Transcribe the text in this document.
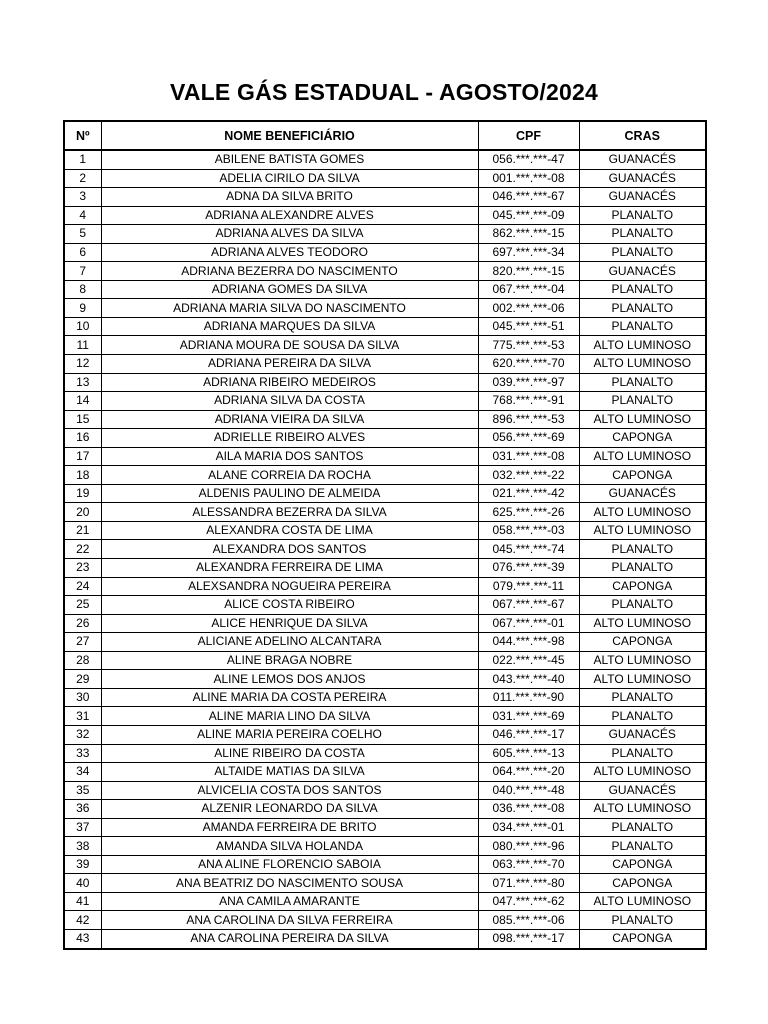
VALE GÁS ESTADUAL - AGOSTO/2024
Nº	NOME BENEFICIÁRIO	CPF	CRAS
1	ABILENE BATISTA GOMES	056.***.***-47	GUANACÉS
2	ADELIA CIRILO DA SILVA	001.***.***-08	GUANACÉS
3	ADNA DA SILVA BRITO	046.***.***-67	GUANACÉS
4	ADRIANA ALEXANDRE ALVES	045.***.***-09	PLANALTO
5	ADRIANA ALVES DA SILVA	862.***.***-15	PLANALTO
6	ADRIANA ALVES TEODORO	697.***.***-34	PLANALTO
7	ADRIANA BEZERRA DO NASCIMENTO	820.***.***-15	GUANACÉS
8	ADRIANA GOMES DA SILVA	067.***.***-04	PLANALTO
9	ADRIANA MARIA SILVA DO NASCIMENTO	002.***.***-06	PLANALTO
10	ADRIANA MARQUES DA SILVA	045.***.***-51	PLANALTO
11	ADRIANA MOURA DE SOUSA DA SILVA	775.***.***-53	ALTO LUMINOSO
12	ADRIANA PEREIRA DA SILVA	620.***.***-70	ALTO LUMINOSO
13	ADRIANA RIBEIRO MEDEIROS	039.***.***-97	PLANALTO
14	ADRIANA SILVA DA COSTA	768.***.***-91	PLANALTO
15	ADRIANA VIEIRA DA SILVA	896.***.***-53	ALTO LUMINOSO
16	ADRIELLE RIBEIRO ALVES	056.***.***-69	CAPONGA
17	AILA MARIA DOS SANTOS	031.***.***-08	ALTO LUMINOSO
18	ALANE CORREIA DA ROCHA	032.***.***-22	CAPONGA
19	ALDENIS PAULINO DE ALMEIDA	021.***.***-42	GUANACÉS
20	ALESSANDRA BEZERRA DA SILVA	625.***.***-26	ALTO LUMINOSO
21	ALEXANDRA COSTA DE LIMA	058.***.***-03	ALTO LUMINOSO
22	ALEXANDRA DOS SANTOS	045.***.***-74	PLANALTO
23	ALEXANDRA FERREIRA DE LIMA	076.***.***-39	PLANALTO
24	ALEXSANDRA NOGUEIRA PEREIRA	079.***.***-11	CAPONGA
25	ALICE COSTA RIBEIRO	067.***.***-67	PLANALTO
26	ALICE HENRIQUE DA SILVA	067.***.***-01	ALTO LUMINOSO
27	ALICIANE ADELINO ALCANTARA	044.***.***-98	CAPONGA
28	ALINE BRAGA NOBRE	022.***.***-45	ALTO LUMINOSO
29	ALINE LEMOS DOS ANJOS	043.***.***-40	ALTO LUMINOSO
30	ALINE MARIA DA COSTA PEREIRA	011.***.***-90	PLANALTO
31	ALINE MARIA LINO DA SILVA	031.***.***-69	PLANALTO
32	ALINE MARIA PEREIRA COELHO	046.***.***-17	GUANACÉS
33	ALINE RIBEIRO DA COSTA	605.***.***-13	PLANALTO
34	ALTAIDE MATIAS DA SILVA	064.***.***-20	ALTO LUMINOSO
35	ALVICELIA COSTA DOS SANTOS	040.***.***-48	GUANACÉS
36	ALZENIR LEONARDO DA SILVA	036.***.***-08	ALTO LUMINOSO
37	AMANDA FERREIRA DE BRITO	034.***.***-01	PLANALTO
38	AMANDA SILVA HOLANDA	080.***.***-96	PLANALTO
39	ANA ALINE FLORENCIO SABOIA	063.***.***-70	CAPONGA
40	ANA BEATRIZ DO NASCIMENTO SOUSA	071.***.***-80	CAPONGA
41	ANA CAMILA AMARANTE	047.***.***-62	ALTO LUMINOSO
42	ANA CAROLINA DA SILVA FERREIRA	085.***.***-06	PLANALTO
43	ANA CAROLINA PEREIRA DA SILVA	098.***.***-17	CAPONGA
